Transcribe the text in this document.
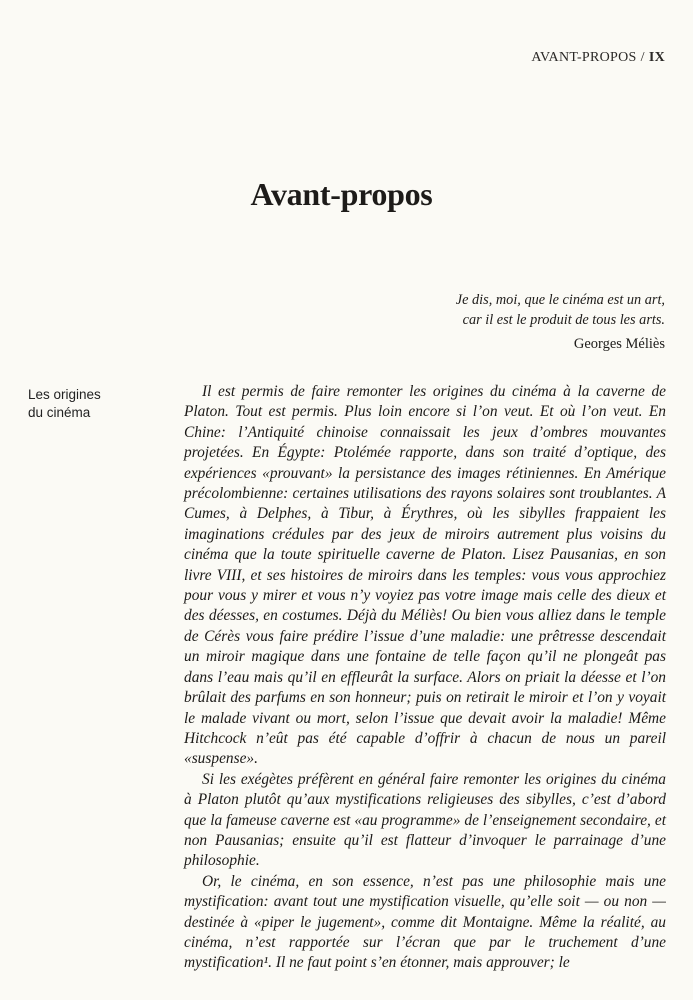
AVANT-PROPOS / IX
Avant-propos
Je dis, moi, que le cinéma est un art,
car il est le produit de tous les arts.
Georges Méliès
Les origines
du cinéma

Il est permis de faire remonter les origines du cinéma à la caverne de Platon. Tout est permis. Plus loin encore si l’on veut. Et où l’on veut. En Chine: l’Antiquité chinoise connaissait les jeux d’ombres mouvantes projetées. En Égypte: Ptolémée rapporte, dans son traité d’optique, des expériences «prouvant» la persistance des images rétiniennes. En Amérique précolombienne: certaines utilisations des rayons solaires sont troublantes. A Cumes, à Delphes, à Tibur, à Érythres, où les sibylles frappaient les imaginations crédules par des jeux de miroirs autrement plus voisins du cinéma que la toute spirituelle caverne de Platon. Lisez Pausanias, en son livre VIII, et ses histoires de miroirs dans les temples: vous vous approchiez pour vous y mirer et vous n’y voyiez pas votre image mais celle des dieux et des déesses, en costumes. Déjà du Méliès! Ou bien vous alliez dans le temple de Cérès vous faire prédire l’issue d’une maladie: une prêtresse descendait un miroir magique dans une fontaine de telle façon qu’il ne plongeât pas dans l’eau mais qu’il en effleurât la surface. Alors on priait la déesse et l’on brûlait des parfums en son honneur; puis on retirait le miroir et l’on y voyait le malade vivant ou mort, selon l’issue que devait avoir la maladie! Même Hitchcock n’eût pas été capable d’offrir à chacun de nous un pareil «suspense».

Si les exégètes préfèrent en général faire remonter les origines du cinéma à Platon plutôt qu’aux mystifications religieuses des sibylles, c’est d’abord que la fameuse caverne est «au programme» de l’enseignement secondaire, et non Pausanias; ensuite qu’il est flatteur d’invoquer le parrainage d’une philosophie.

Or, le cinéma, en son essence, n’est pas une philosophie mais une mystification: avant tout une mystification visuelle, qu’elle soit — ou non — destinée à «piper le jugement», comme dit Montaigne. Même la réalité, au cinéma, n’est rapportée sur l’écran que par le truchement d’une mystification¹. Il ne faut point s’en étonner, mais approuver; le
